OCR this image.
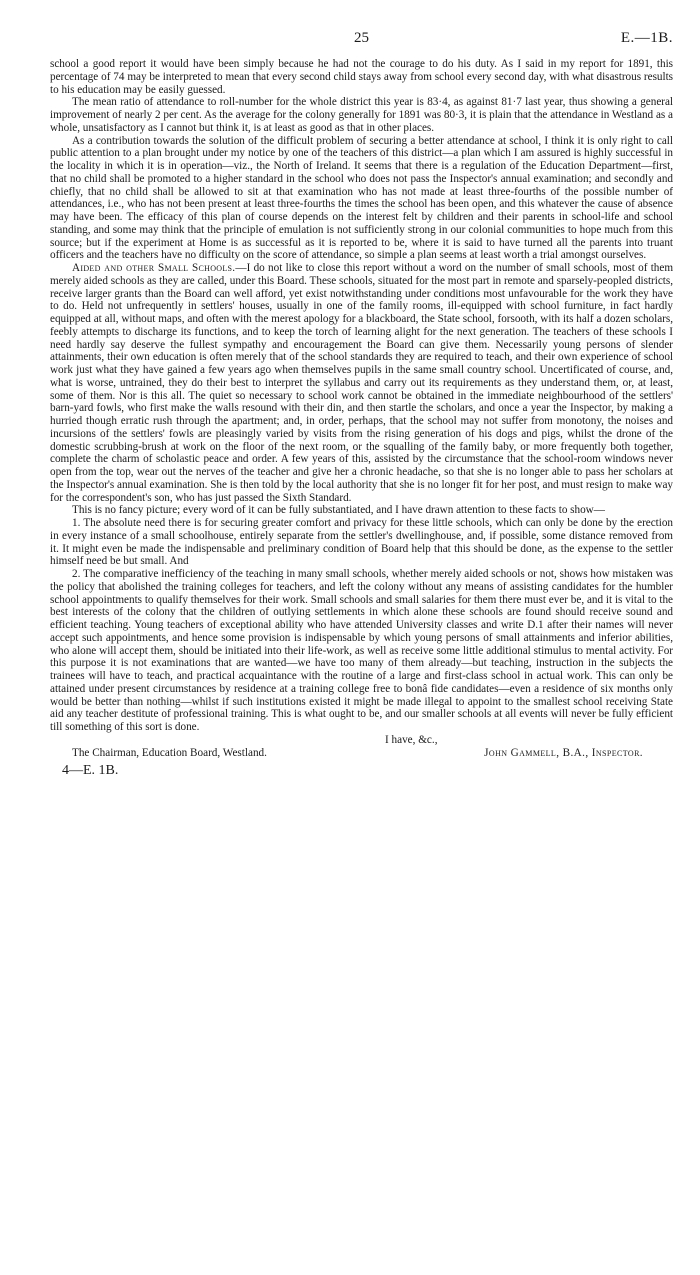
25	E.—1B.

school a good report it would have been simply because he had not the courage to do his duty. As I said in my report for 1891, this percentage of 74 may be interpreted to mean that every second child stays away from school every second day, with what disastrous results to his education may be easily guessed.

The mean ratio of attendance to roll-number for the whole district this year is 83·4, as against 81·7 last year, thus showing a general improvement of nearly 2 per cent. As the average for the colony generally for 1891 was 80·3, it is plain that the attendance in Westland as a whole, unsatisfactory as I cannot but think it, is at least as good as that in other places.

As a contribution towards the solution of the difficult problem of securing a better attendance at school, I think it is only right to call public attention to a plan brought under my notice by one of the teachers of this district—a plan which I am assured is highly successful in the locality in which it is in operation—viz., the North of Ireland. It seems that there is a regulation of the Education Department—first, that no child shall be promoted to a higher standard in the school who does not pass the Inspector's annual examination; and secondly and chiefly, that no child shall be allowed to sit at that examination who has not made at least three-fourths of the possible number of attendances, i.e., who has not been present at least three-fourths the times the school has been open, and this whatever the cause of absence may have been. The efficacy of this plan of course depends on the interest felt by children and their parents in school-life and school standing, and some may think that the principle of emulation is not sufficiently strong in our colonial communities to hope much from this source; but if the experiment at Home is as successful as it is reported to be, where it is said to have turned all the parents into truant officers and the teachers have no difficulty on the score of attendance, so simple a plan seems at least worth a trial amongst ourselves.

Aided and other Small Schools.—I do not like to close this report without a word on the number of small schools, most of them merely aided schools as they are called, under this Board. These schools, situated for the most part in remote and sparsely-peopled districts, receive larger grants than the Board can well afford, yet exist notwithstanding under conditions most unfavourable for the work they have to do. Held not unfrequently in settlers' houses, usually in one of the family rooms, ill-equipped with school furniture, in fact hardly equipped at all, without maps, and often with the merest apology for a blackboard, the State school, forsooth, with its half a dozen scholars, feebly attempts to discharge its functions, and to keep the torch of learning alight for the next generation. The teachers of these schools I need hardly say deserve the fullest sympathy and encouragement the Board can give them. Necessarily young persons of slender attainments, their own education is often merely that of the school standards they are required to teach, and their own experience of school work just what they have gained a few years ago when themselves pupils in the same small country school. Uncertificated of course, and, what is worse, untrained, they do their best to interpret the syllabus and carry out its requirements as they understand them, or, at least, some of them. Nor is this all. The quiet so necessary to school work cannot be obtained in the immediate neighbourhood of the settlers' barn-yard fowls, who first make the walls resound with their din, and then startle the scholars, and once a year the Inspector, by making a hurried though erratic rush through the apartment; and, in order, perhaps, that the school may not suffer from monotony, the noises and incursions of the settlers' fowls are pleasingly varied by visits from the rising generation of his dogs and pigs, whilst the drone of the domestic scrubbing-brush at work on the floor of the next room, or the squalling of the family baby, or more frequently both together, complete the charm of scholastic peace and order. A few years of this, assisted by the circumstance that the school-room windows never open from the top, wear out the nerves of the teacher and give her a chronic headache, so that she is no longer able to pass her scholars at the Inspector's annual examination. She is then told by the local authority that she is no longer fit for her post, and must resign to make way for the correspondent's son, who has just passed the Sixth Standard.

This is no fancy picture; every word of it can be fully substantiated, and I have drawn attention to these facts to show—

1. The absolute need there is for securing greater comfort and privacy for these little schools, which can only be done by the erection in every instance of a small schoolhouse, entirely separate from the settler's dwellinghouse, and, if possible, some distance removed from it. It might even be made the indispensable and preliminary condition of Board help that this should be done, as the expense to the settler himself need be but small. And

2. The comparative inefficiency of the teaching in many small schools, whether merely aided schools or not, shows how mistaken was the policy that abolished the training colleges for teachers, and left the colony without any means of assisting candidates for the humbler school appointments to qualify themselves for their work. Small schools and small salaries for them there must ever be, and it is vital to the best interests of the colony that the children of outlying settlements in which alone these schools are found should receive sound and efficient teaching. Young teachers of exceptional ability who have attended University classes and write D.1 after their names will never accept such appointments, and hence some provision is indispensable by which young persons of small attainments and inferior abilities, who alone will accept them, should be initiated into their life-work, as well as receive some little additional stimulus to mental activity. For this purpose it is not examinations that are wanted—we have too many of them already—but teaching, instruction in the subjects the trainees will have to teach, and practical acquaintance with the routine of a large and first-class school in actual work. This can only be attained under present circumstances by residence at a training college free to bonâ fide candidates—even a residence of six months only would be better than nothing—whilst if such institutions existed it might be made illegal to appoint to the smallest school receiving State aid any teacher destitute of professional training. This is what ought to be, and our smaller schools at all events will never be fully efficient till something of this sort is done.

I have, &c.,
The Chairman, Education Board, Westland.	John Gammell, B.A., Inspector.
4—E. 1B.
